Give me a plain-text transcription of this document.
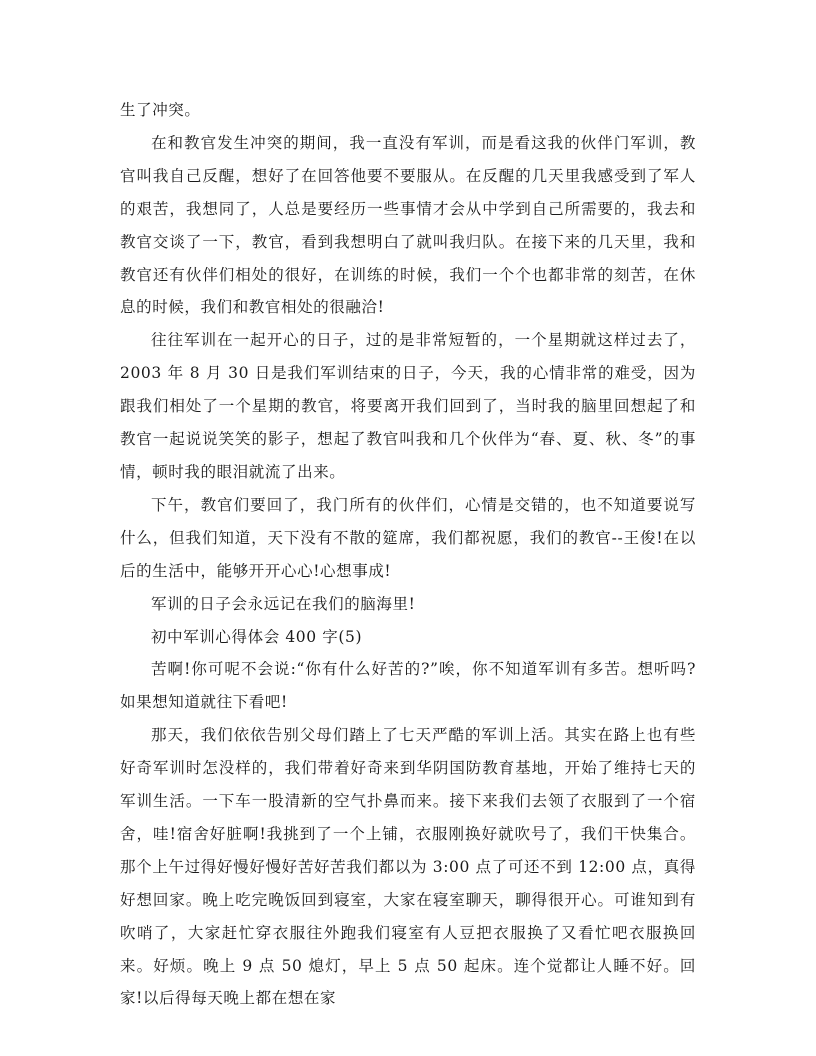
生了冲突。

在和教官发生冲突的期间，我一直没有军训，而是看这我的伙伴门军训，教官叫我自己反醒，想好了在回答他要不要服从。在反醒的几天里我感受到了军人的艰苦，我想同了，人总是要经历一些事情才会从中学到自己所需要的，我去和教官交谈了一下，教官，看到我想明白了就叫我归队。在接下来的几天里，我和教官还有伙伴们相处的很好，在训练的时候，我们一个个也都非常的刻苦，在休息的时候，我们和教官相处的很融洽!

往往军训在一起开心的日子，过的是非常短暂的，一个星期就这样过去了，2003 年 8 月 30 日是我们军训结束的日子，今天，我的心情非常的难受，因为跟我们相处了一个星期的教官，将要离开我们回到了，当时我的脑里回想起了和教官一起说说笑笑的影子，想起了教官叫我和几个伙伴为“春、夏、秋、冬”的事情，顿时我的眼泪就流了出来。

下午，教官们要回了，我门所有的伙伴们，心情是交错的，也不知道要说写什么，但我们知道，天下没有不散的筵席，我们都祝愿，我们的教官--王俊!在以后的生活中，能够开开心心!心想事成!

军训的日子会永远记在我们的脑海里!

初中军训心得体会 400 字(5)

苦啊!你可呢不会说:“你有什么好苦的?”唉，你不知道军训有多苦。想听吗?如果想知道就往下看吧!

那天，我们依依告别父母们踏上了七天严酷的军训上活。其实在路上也有些好奇军训时怎没样的，我们带着好奇来到华阴国防教育基地，开始了维持七天的军训生活。一下车一股清新的空气扑鼻而来。接下来我们去领了衣服到了一个宿舍，哇!宿舍好脏啊!我挑到了一个上铺，衣服刚换好就吹号了，我们干快集合。那个上午过得好慢好慢好苦好苦我们都以为 3:00 点了可还不到 12:00 点，真得好想回家。晚上吃完晚饭回到寝室，大家在寝室聊天，聊得很开心。可谁知到有吹哨了，大家赶忙穿衣服往外跑我们寝室有人豆把衣服换了又看忙吧衣服换回来。好烦。晚上 9 点 50 熄灯，早上 5 点 50 起床。连个觉都让人睡不好。回家!以后得每天晚上都在想在家
